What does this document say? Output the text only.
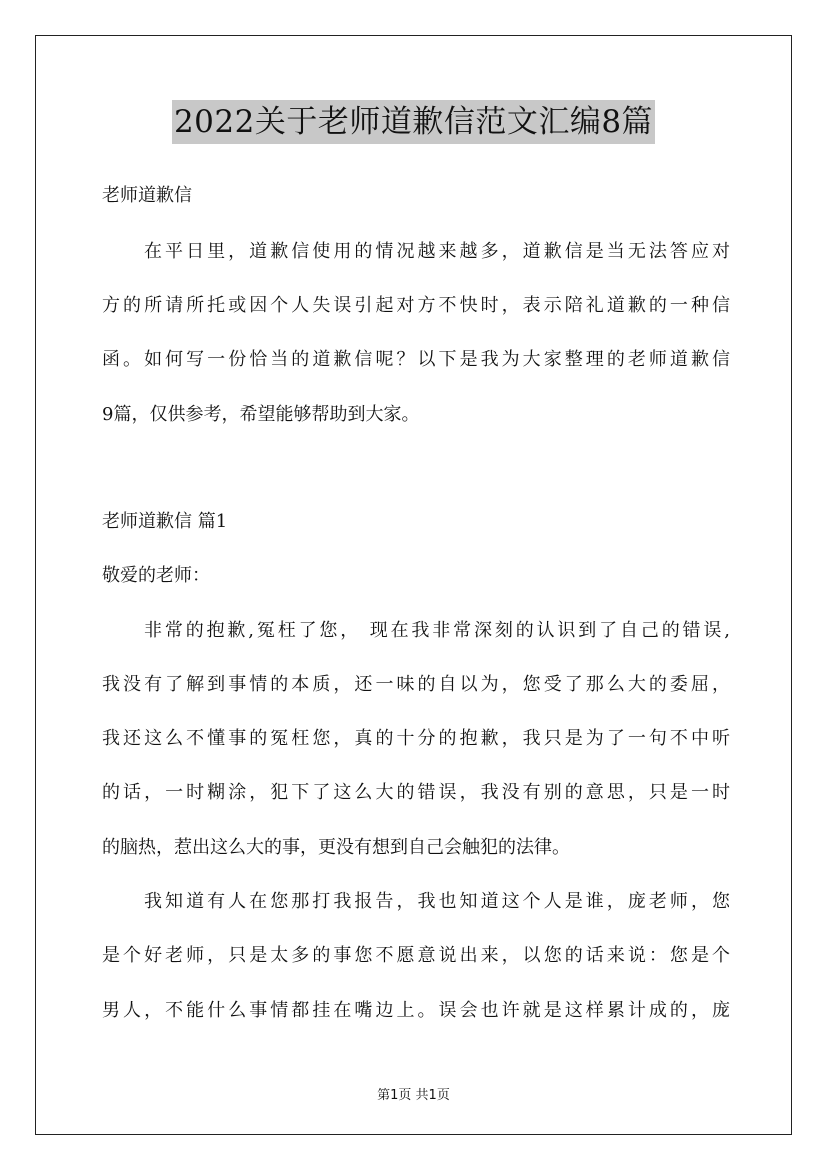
2022关于老师道歉信范文汇编8篇
老师道歉信
在平日里，道歉信使用的情况越来越多，道歉信是当无法答应对
方的所请所托或因个人失误引起对方不快时，表示陪礼道歉的一种信
函。如何写一份恰当的道歉信呢？以下是我为大家整理的老师道歉信
9篇，仅供参考，希望能够帮助到大家。
老师道歉信 篇1
敬爱的老师：
非常的抱歉,冤枉了您， 现在我非常深刻的认识到了自己的错误,
我没有了解到事情的本质，还一味的自以为，您受了那么大的委屈，
我还这么不懂事的冤枉您，真的十分的抱歉，我只是为了一句不中听
的话，一时糊涂，犯下了这么大的错误，我没有别的意思，只是一时
的脑热，惹出这么大的事，更没有想到自己会触犯的法律。
我知道有人在您那打我报告，我也知道这个人是谁，庞老师，您
是个好老师，只是太多的事您不愿意说出来，以您的话来说：您是个
男人，不能什么事情都挂在嘴边上。误会也许就是这样累计成的，庞
第1页 共1页
